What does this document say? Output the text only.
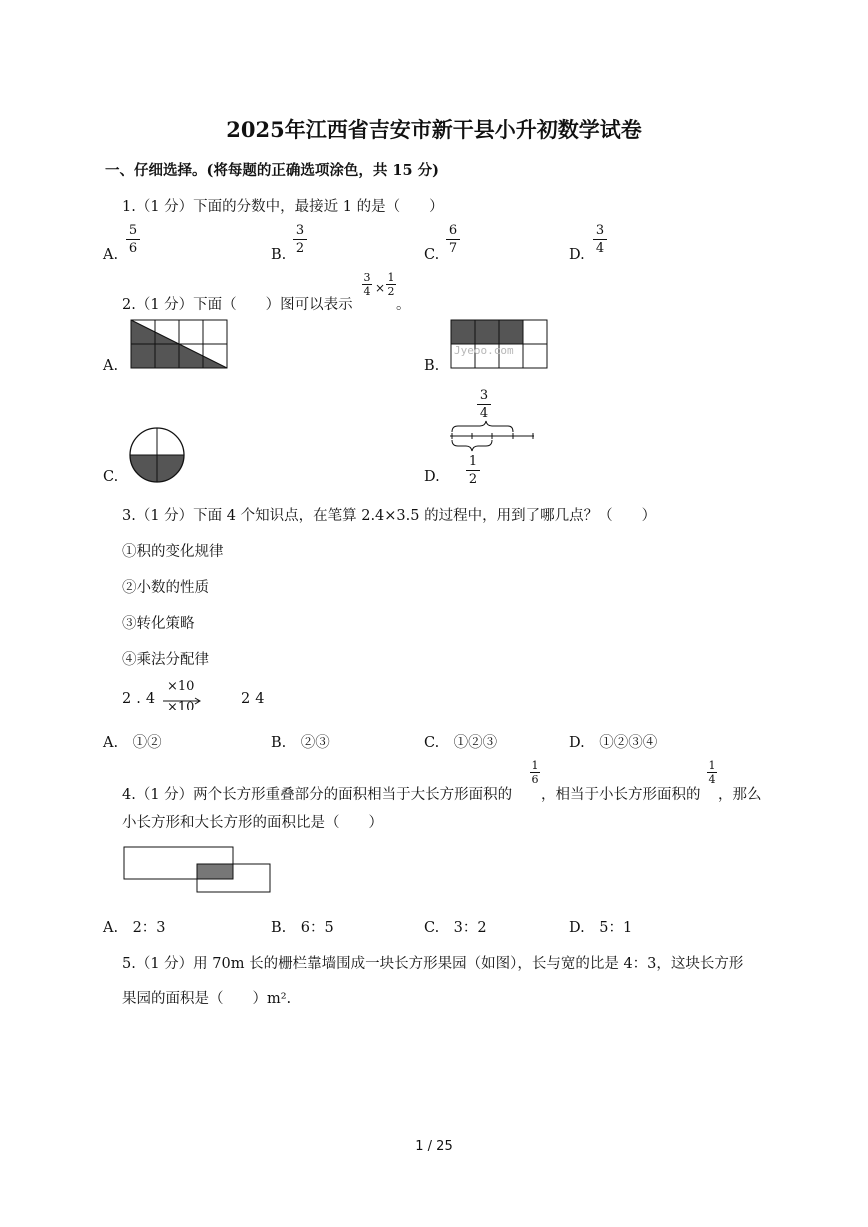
2025年江西省吉安市新干县小升初数学试卷
一、仔细选择。(将每题的正确选项涂色，共 15 分)
1.（1 分）下面的分数中，最接近 1 的是（　　）
A.
5
6	B.
3
2	C.
6
7	D.
3
4
2.（1 分）下面（　　）图可以表示
3
4 ×
1
2
。
A.	B.
Jyeoo.com
C.	D.
3
4
1
2
3.（1 分）下面 4 个知识点，在笔算 2.4×3.5 的过程中，用到了哪几点？（　　）
①积的变化规律
②小数的性质
③转化策略
④乘法分配律
2.4
×10
×10
24
A.　①②	B.　②③	C.　①②③	D.　①②③④
4.（1 分）两个长方形重叠部分的面积相当于大长方形面积的
1
6
，相当于小长方形面积的
1
4
，那么
小长方形和大长方形的面积比是（　　）
A.　2：3	B.　6：5	C.　3：2	D.　5：1
5.（1 分）用 70m 长的栅栏靠墙围成一块长方形果园（如图），长与宽的比是 4：3，这块长方形
果园的面积是（　　）m².
1 / 25
